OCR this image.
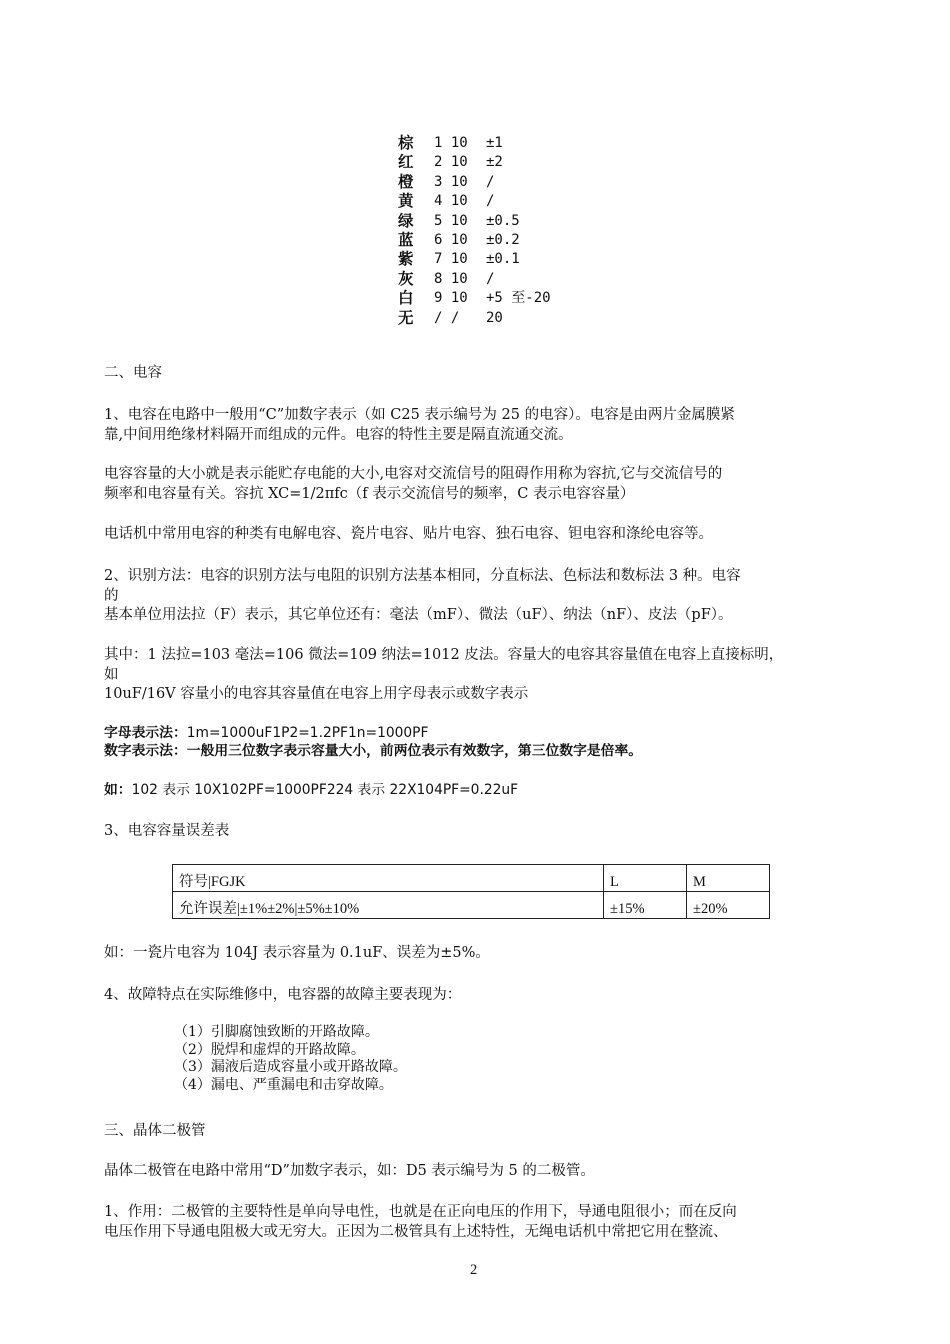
棕	1 10	±1
红	2 10	±2
橙	3 10	/
黄	4 10	/
绿	5 10	±0.5
蓝	6 10	±0.2
紫	7 10	±0.1
灰	8 10	/
白	9 10	+5 至-20
无	/ /	20
二、电容
1、电容在电路中一般用“C”加数字表示（如 C25 表示编号为 25 的电容）。电容是由两片金属膜紧
靠,中间用绝缘材料隔开而组成的元件。电容的特性主要是隔直流通交流。
电容容量的大小就是表示能贮存电能的大小,电容对交流信号的阻碍作用称为容抗,它与交流信号的
频率和电容量有关。容抗 XC=1/2πfc（f 表示交流信号的频率，C 表示电容容量）
电话机中常用电容的种类有电解电容、瓷片电容、贴片电容、独石电容、钽电容和涤纶电容等。
2、识别方法：电容的识别方法与电阻的识别方法基本相同，分直标法、色标法和数标法 3 种。电容
的
基本单位用法拉（F）表示，其它单位还有：毫法（mF）、微法（uF）、纳法（nF）、皮法（pF）。
其中：1 法拉=103 毫法=106 微法=109 纳法=1012 皮法。容量大的电容其容量值在电容上直接标明，
如
10uF/16V 容量小的电容其容量值在电容上用字母表示或数字表示
字母表示法：1m=1000uF1P2=1.2PF1n=1000PF
数字表示法：一般用三位数字表示容量大小，前两位表示有效数字，第三位数字是倍率。
如：102 表示 10X102PF=1000PF224 表示 22X104PF=0.22uF
3、电容容量误差表
符号|FGJK	L	M
允许误差|±1%±2%|±5%±10%	±15%	±20%
如：一瓷片电容为 104J 表示容量为 0.1uF、误差为±5%。
4、故障特点在实际维修中，电容器的故障主要表现为：
（1）引脚腐蚀致断的开路故障。
（2）脱焊和虚焊的开路故障。
（3）漏液后造成容量小或开路故障。
（4）漏电、严重漏电和击穿故障。
三、晶体二极管
晶体二极管在电路中常用“D”加数字表示，如：D5 表示编号为 5 的二极管。
1、作用：二极管的主要特性是单向导电性，也就是在正向电压的作用下，导通电阻很小；而在反向
电压作用下导通电阻极大或无穷大。正因为二极管具有上述特性，无绳电话机中常把它用在整流、
2
